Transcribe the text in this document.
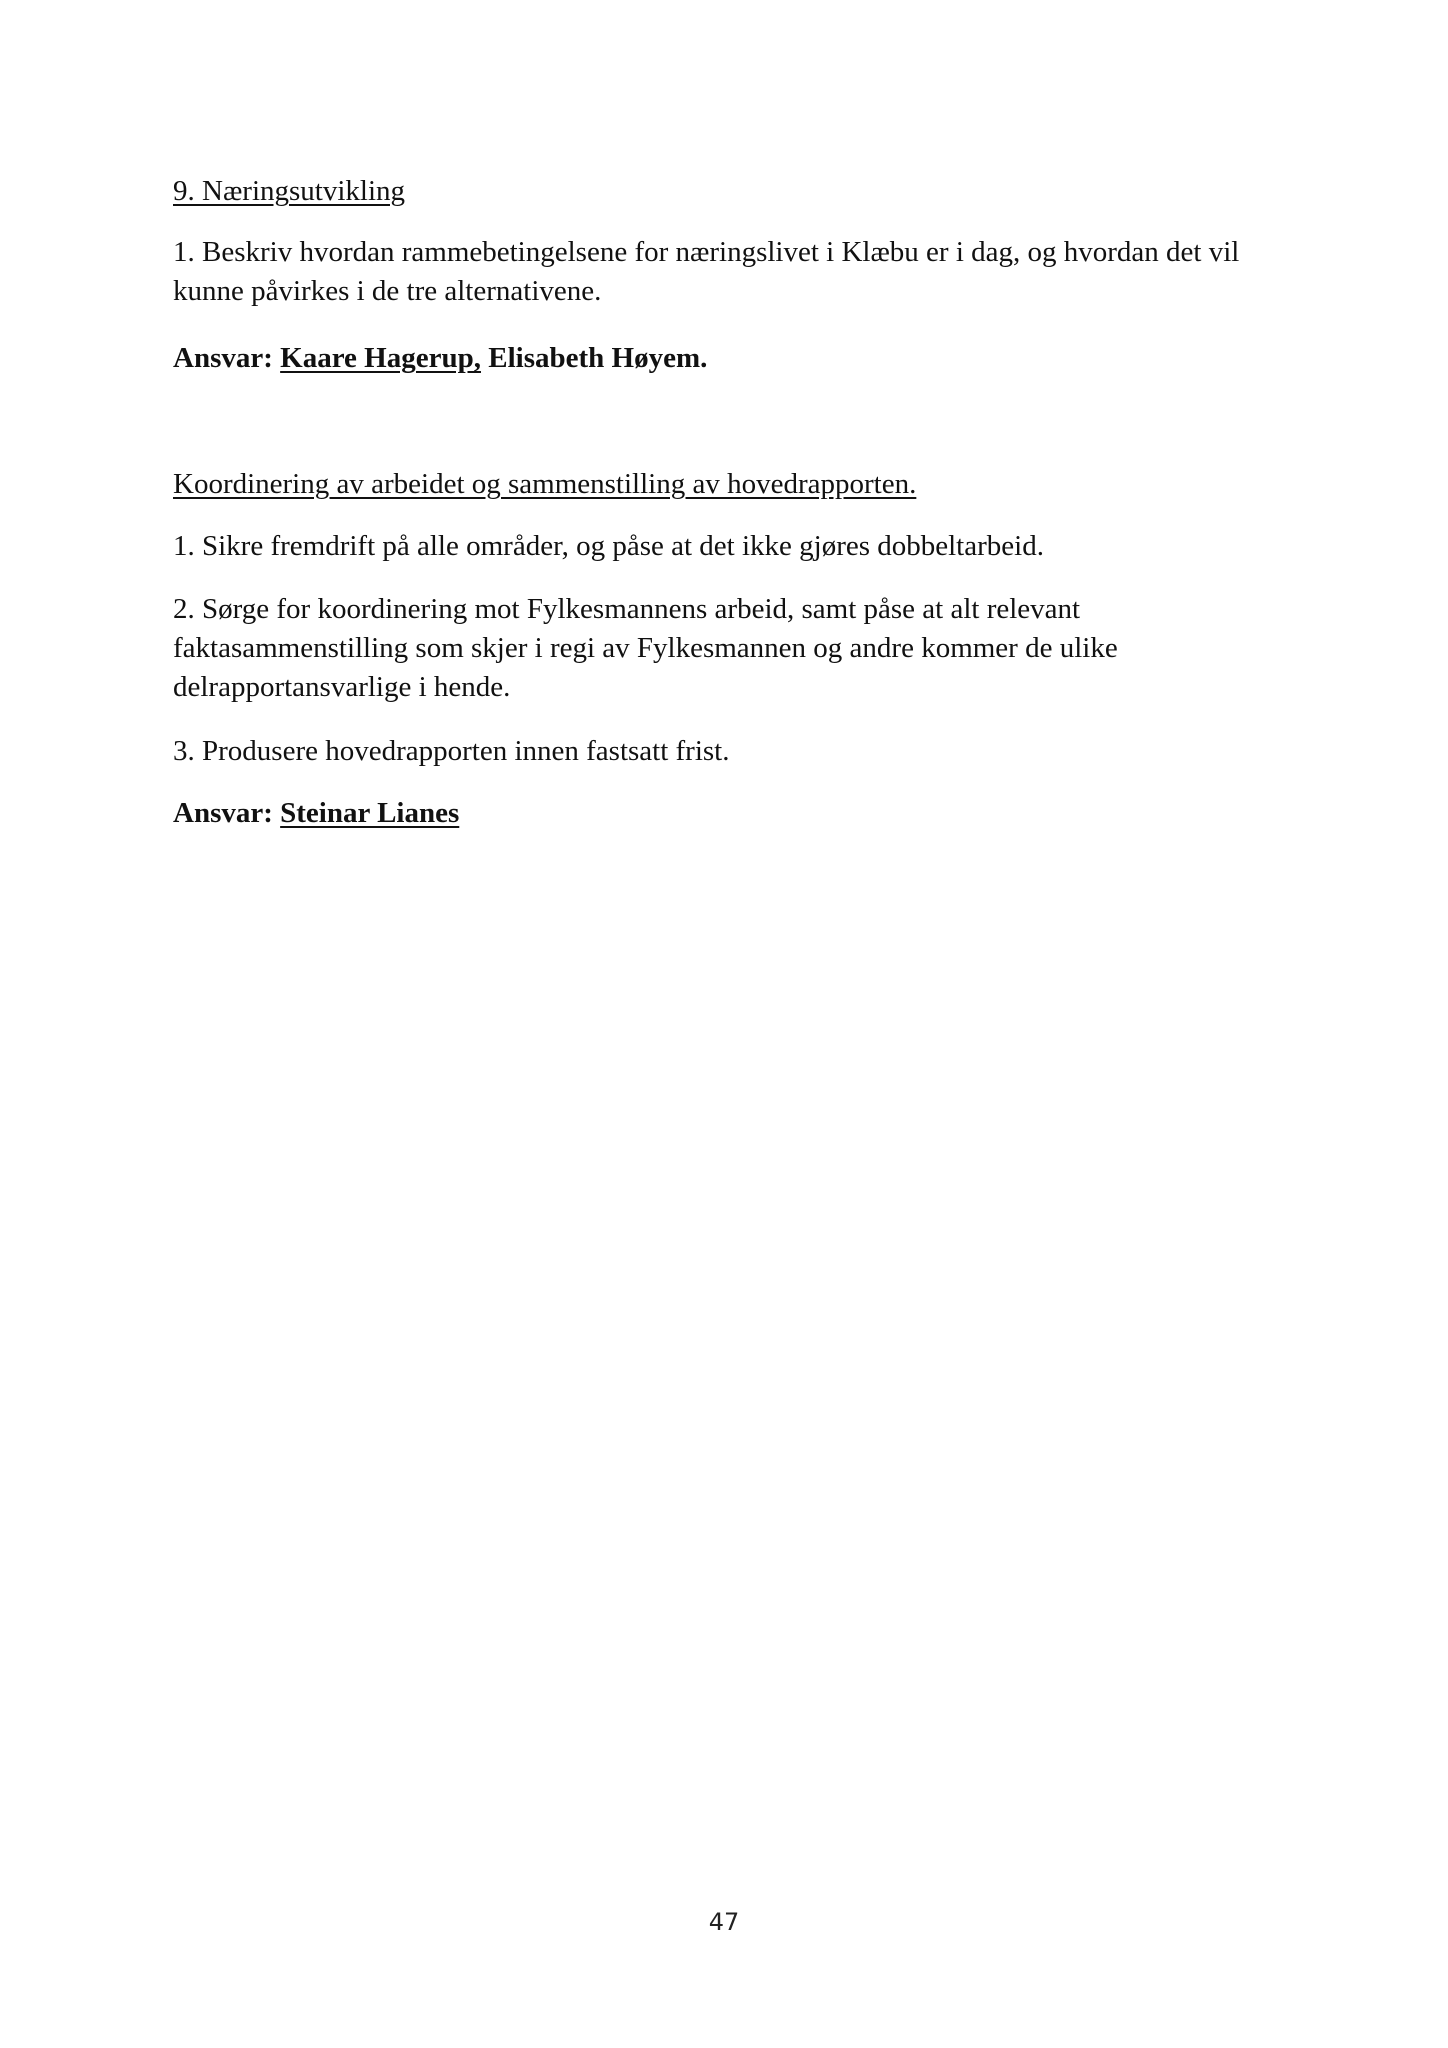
9. Næringsutvikling

1. Beskriv hvordan rammebetingelsene for næringslivet i Klæbu er i dag, og hvordan det vil
kunne påvirkes i de tre alternativene.

Ansvar: Kaare Hagerup, Elisabeth Høyem.

Koordinering av arbeidet og sammenstilling av hovedrapporten.

1. Sikre fremdrift på alle områder, og påse at det ikke gjøres dobbeltarbeid.

2. Sørge for koordinering mot Fylkesmannens arbeid, samt påse at alt relevant
faktasammenstilling som skjer i regi av Fylkesmannen og andre kommer de ulike
delrapportansvarlige i hende.

3. Produsere hovedrapporten innen fastsatt frist.

Ansvar: Steinar Lianes

47
